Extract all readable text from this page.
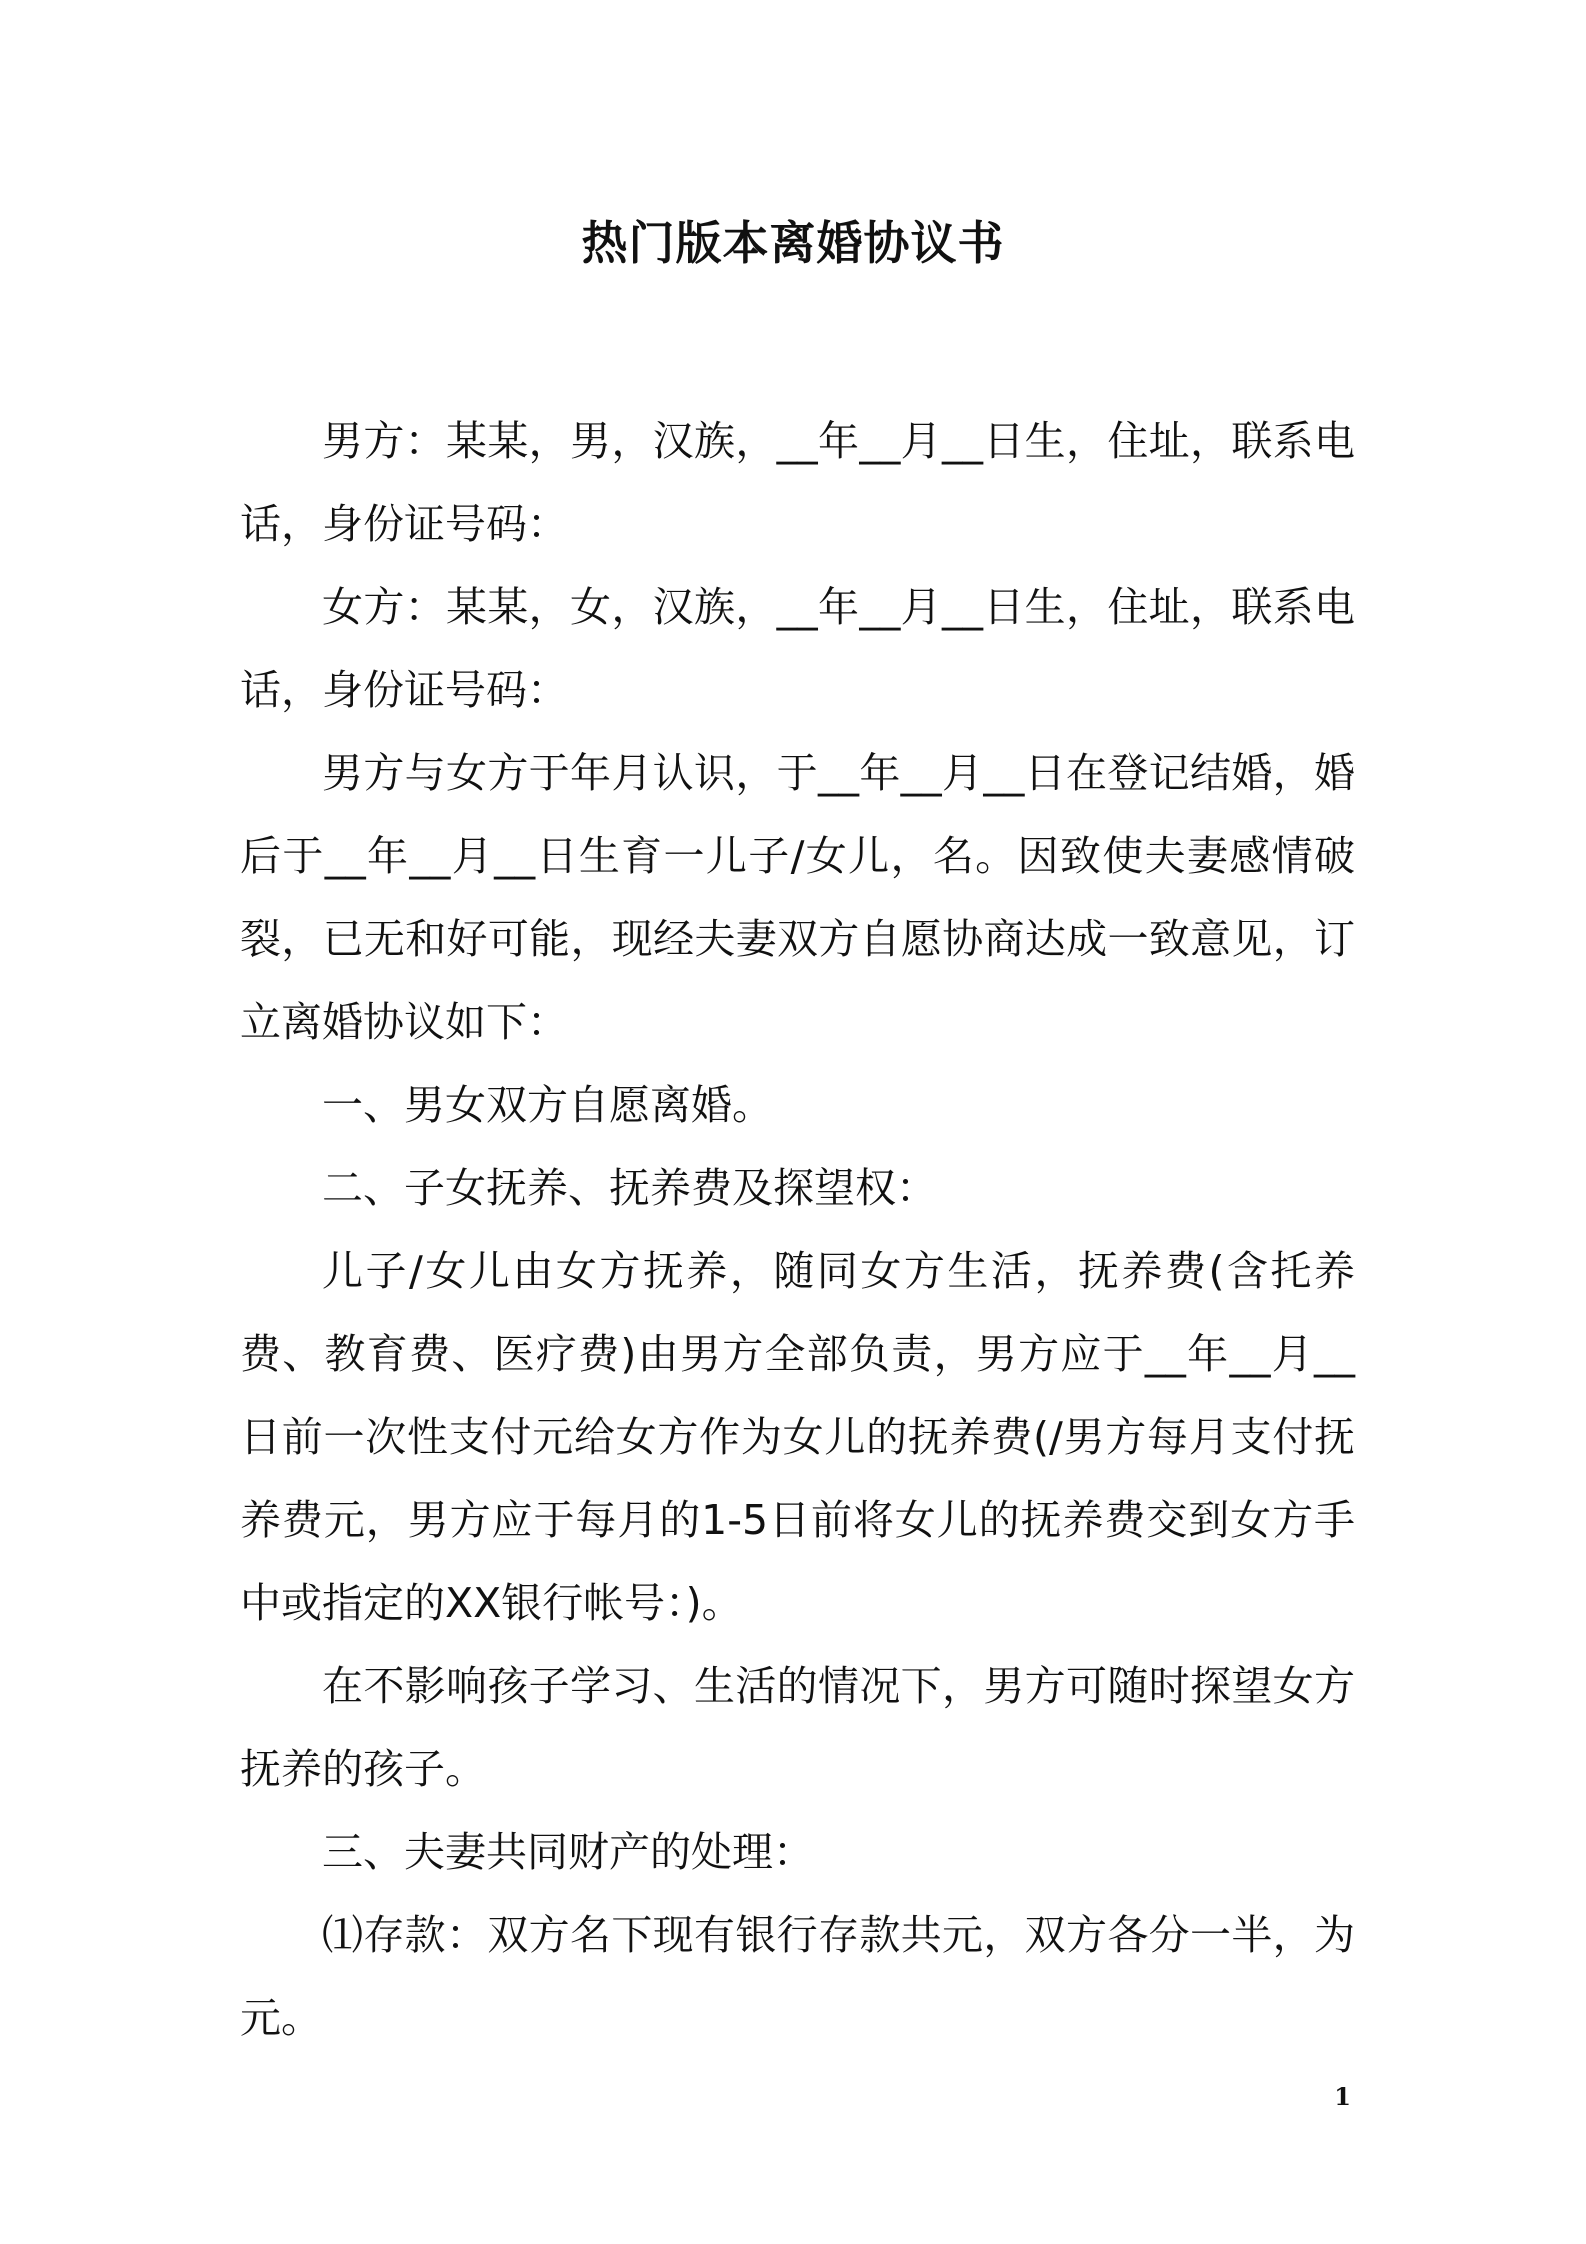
热门版本离婚协议书

男方：某某，男，汉族，__年__月__日生，住址，联系电话，身份证号码：

女方：某某，女，汉族，__年__月__日生，住址，联系电话，身份证号码：

男方与女方于年月认识，于__年__月__日在登记结婚，婚后于__年__月__日生育一儿子/女儿，名。因致使夫妻感情破裂，已无和好可能，现经夫妻双方自愿协商达成一致意见，订立离婚协议如下：

一、男女双方自愿离婚。

二、子女抚养、抚养费及探望权：

儿子/女儿由女方抚养，随同女方生活，抚养费(含托养费、教育费、医疗费)由男方全部负责，男方应于__年__月__日前一次性支付元给女方作为女儿的抚养费(/男方每月支付抚养费元，男方应于每月的1-5日前将女儿的抚养费交到女方手中或指定的XX银行帐号：)。

在不影响孩子学习、生活的情况下，男方可随时探望女方抚养的孩子。

三、夫妻共同财产的处理：

⑴存款：双方名下现有银行存款共元，双方各分一半，为元。

1
